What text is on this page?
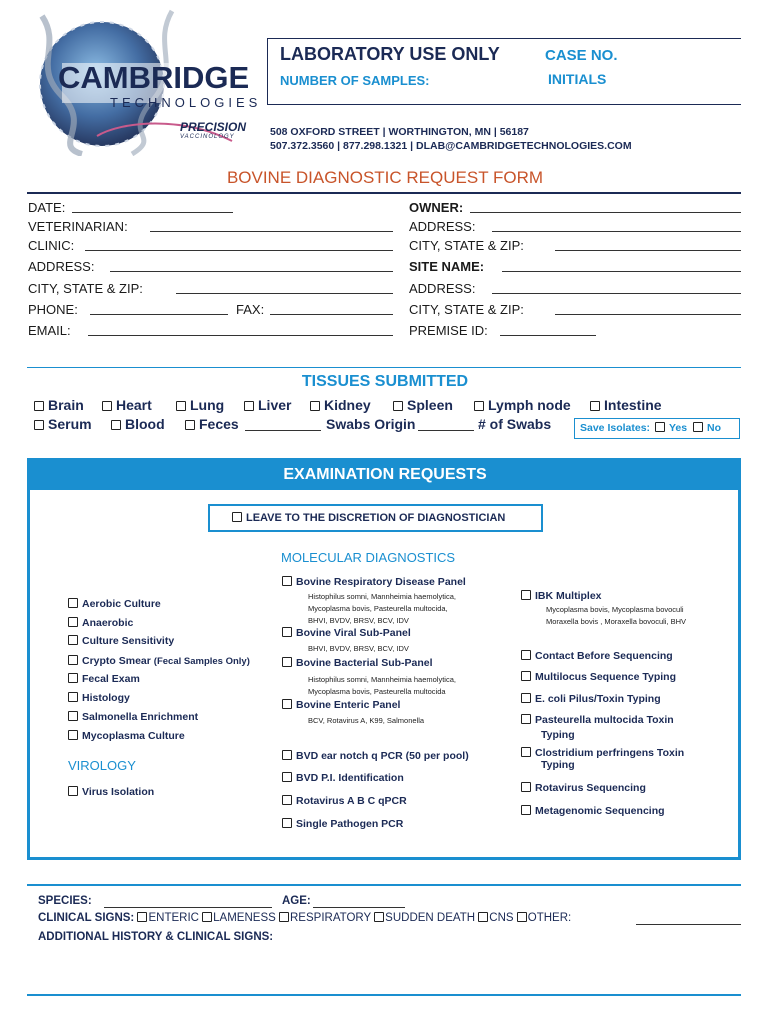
CAMBRIDGE
TECHNOLOGIES
PRECISION
VACCINOLOGY
LABORATORY USE ONLY	CASE NO.
NUMBER OF SAMPLES:	INITIALS
508 OXFORD STREET | WORTHINGTON, MN | 56187
507.372.3560 | 877.298.1321 | DLAB@CAMBRIDGETECHNOLOGIES.COM
BOVINE DIAGNOSTIC REQUEST FORM
DATE:
VETERINARIAN:
CLINIC:
ADDRESS:
CITY, STATE & ZIP:
PHONE:	FAX:
EMAIL:
OWNER:
ADDRESS:
CITY, STATE & ZIP:
SITE NAME:
ADDRESS:
CITY, STATE & ZIP:
PREMISE ID:
TISSUES SUBMITTED
Brain	Heart	Lung	Liver	Kidney	Spleen	Lymph node	Intestine
Serum	Blood	Feces	Swabs Origin	# of Swabs	Save Isolates: Yes No
EXAMINATION REQUESTS
LEAVE TO THE DISCRETION OF DIAGNOSTICIAN
MOLECULAR DIAGNOSTICS
Aerobic Culture
Anaerobic
Culture Sensitivity
Crypto Smear (Fecal Samples Only)
Fecal Exam
Histology
Salmonella Enrichment
Mycoplasma Culture
VIROLOGY
Virus Isolation
Bovine Respiratory Disease Panel
Histophilus somni, Mannheimia haemolytica,
Mycoplasma bovis, Pasteurella multocida,
BHVI, BVDV, BRSV, BCV, IDV
Bovine Viral Sub-Panel
BHVI, BVDV, BRSV, BCV, IDV
Bovine Bacterial Sub-Panel
Histophilus somni, Mannheimia haemolytica,
Mycoplasma bovis, Pasteurella multocida
Bovine Enteric Panel
BCV, Rotavirus A, K99, Salmonella
BVD ear notch q PCR (50 per pool)
BVD P.I. Identification
Rotavirus A B C qPCR
Single Pathogen PCR
IBK Multiplex
Mycoplasma bovis, Mycoplasma bovoculi
Moraxella bovis , Moraxella bovoculi, BHV
Contact Before Sequencing
Multilocus Sequence Typing
E. coli Pilus/Toxin Typing
Pasteurella multocida Toxin
Typing
Clostridium perfringens Toxin
Typing
Rotavirus Sequencing
Metagenomic Sequencing
SPECIES:	AGE:
CLINICAL SIGNS: ENTERIC LAMENESS RESPIRATORY SUDDEN DEATH CNS OTHER:
ADDITIONAL HISTORY & CLINICAL SIGNS:
